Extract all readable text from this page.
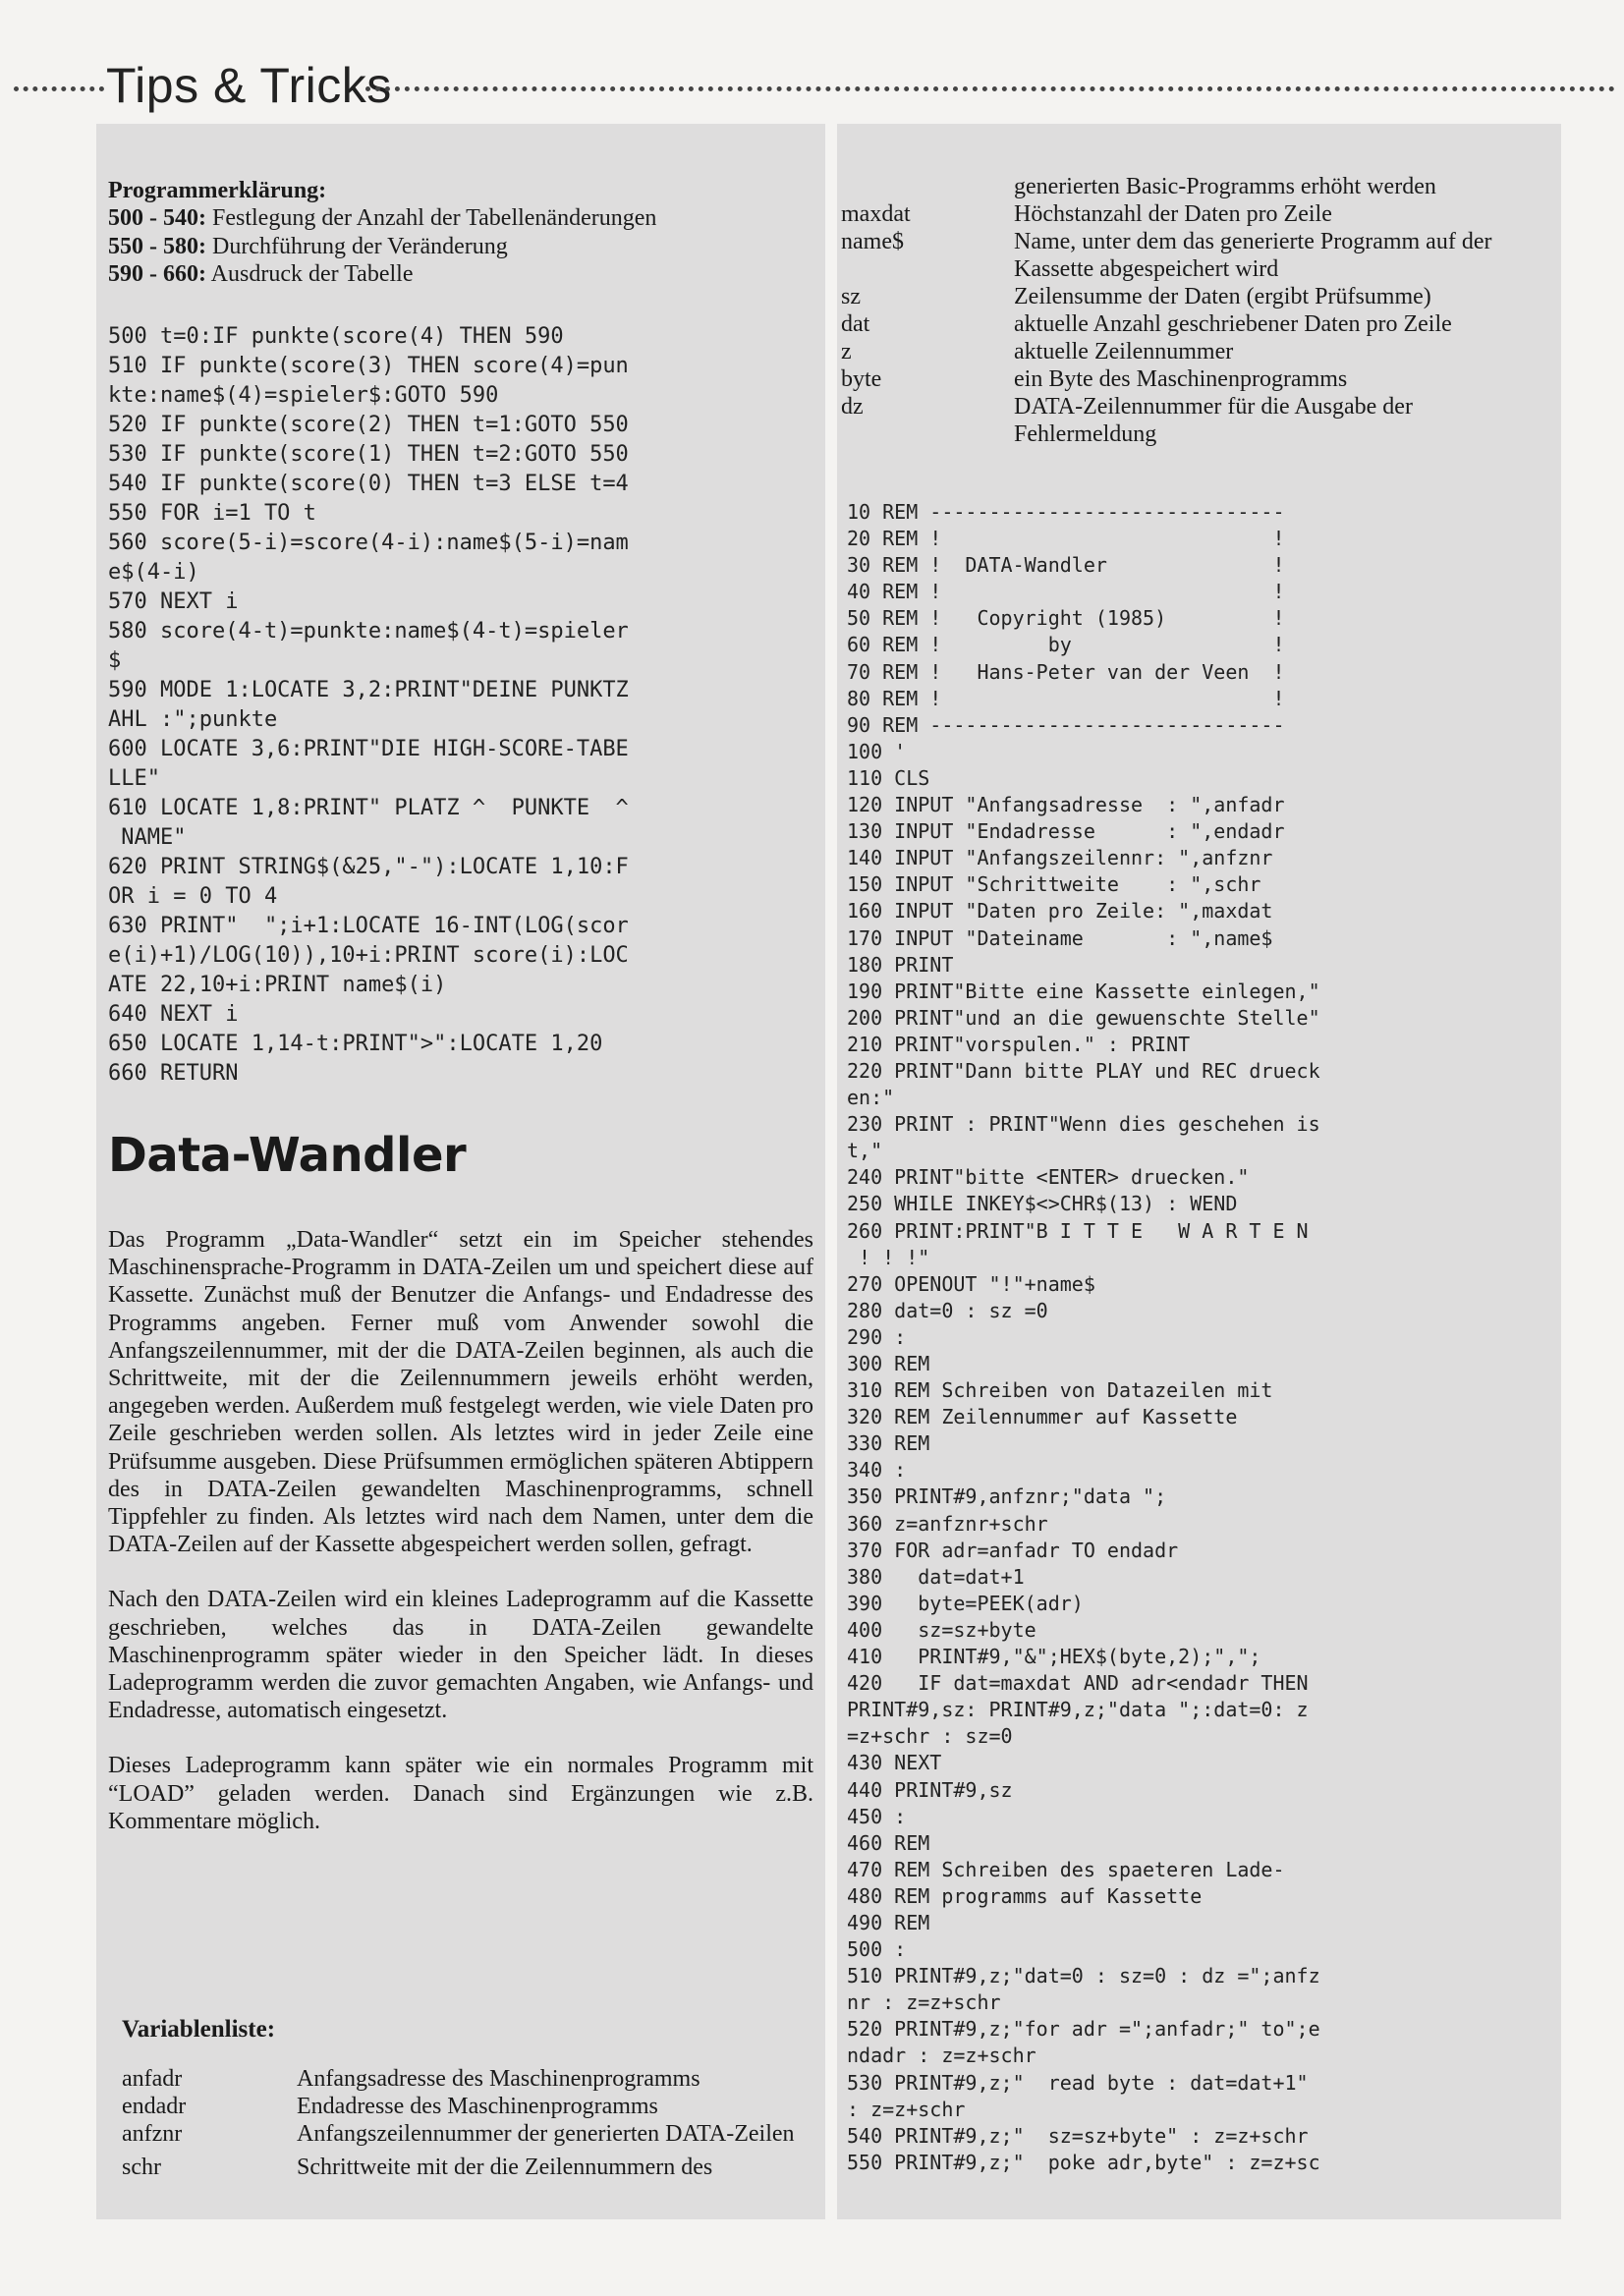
Tips & Tricks
Programmerklärung:
500 - 540: Festlegung der Anzahl der Tabellenänderungen
550 - 580: Durchführung der Veränderung
590 - 660: Ausdruck der Tabelle
500 t=0:IF punkte(score(4) THEN 590
510 IF punkte(score(3) THEN score(4)=pun
kte:name$(4)=spieler$:GOTO 590
520 IF punkte(score(2) THEN t=1:GOTO 550
530 IF punkte(score(1) THEN t=2:GOTO 550
540 IF punkte(score(0) THEN t=3 ELSE t=4
550 FOR i=1 TO t
560 score(5-i)=score(4-i):name$(5-i)=nam
e$(4-i)
570 NEXT i
580 score(4-t)=punkte:name$(4-t)=spieler
$
590 MODE 1:LOCATE 3,2:PRINT"DEINE PUNKTZ
AHL :";punkte
600 LOCATE 3,6:PRINT"DIE HIGH-SCORE-TABE
LLE"
610 LOCATE 1,8:PRINT" PLATZ ^  PUNKTE  ^
NAME"
620 PRINT STRING$(&25,"-"):LOCATE 1,10:F
OR i = 0 TO 4
630 PRINT"  ";i+1:LOCATE 16-INT(LOG(scor
e(i)+1)/LOG(10)),10+i:PRINT score(i):LOC
ATE 22,10+i:PRINT name$(i)
640 NEXT i
650 LOCATE 1,14-t:PRINT">":LOCATE 1,20
660 RETURN
Data-Wandler

Das Programm „Data-Wandler“ setzt ein im Speicher stehendes Maschinensprache-Programm in DATA-Zeilen um und speichert diese auf Kassette. Zunächst muß der Benutzer die Anfangs- und Endadresse des Programms angeben. Ferner muß vom Anwender sowohl die Anfangszeilennummer, mit der die DATA-Zeilen beginnen, als auch die Schrittweite, mit der die Zeilennummern jeweils erhöht werden, angegeben werden. Außerdem muß festgelegt werden, wie viele Daten pro Zeile geschrieben werden sollen. Als letztes wird in jeder Zeile eine Prüfsumme ausgeben. Diese Prüfsummen ermöglichen späteren Abtippern des in DATA-Zeilen gewandelten Maschinenprogramms, schnell Tippfehler zu finden. Als letztes wird nach dem Namen, unter dem die DATA-Zeilen auf der Kassette abgespeichert werden sollen, gefragt.

Nach den DATA-Zeilen wird ein kleines Ladeprogramm auf die Kassette geschrieben, welches das in DATA-Zeilen gewandelte Maschinenprogramm später wieder in den Speicher lädt. In dieses Ladeprogramm werden die zuvor gemachten Angaben, wie Anfangs- und Endadresse, automatisch eingesetzt.

Dieses Ladeprogramm kann später wie ein normales Programm mit “LOAD” geladen werden. Danach sind Ergänzungen wie z.B. Kommentare möglich.

Variablenliste:
anfadr	Anfangsadresse des Maschinenprogramms
endadr	Endadresse des Maschinenprogramms
anfznr	Anfangszeilennummer der generierten DATA-Zeilen
schr	Schrittweite mit der die Zeilennummern des
	generierten Basic-Programms erhöht werden
maxdat	Höchstanzahl der Daten pro Zeile
name$	Name, unter dem das generierte Programm auf der Kassette abgespeichert wird
sz	Zeilensumme der Daten (ergibt Prüfsumme)
dat	aktuelle Anzahl geschriebener Daten pro Zeile
z	aktuelle Zeilennummer
byte	ein Byte des Maschinenprogramms
dz	DATA-Zeilennummer für die Ausgabe der Fehlermeldung
10 REM ------------------------------
20 REM !                            !
30 REM !  DATA-Wandler              !
40 REM !                            !
50 REM !   Copyright (1985)         !
60 REM !         by                 !
70 REM !   Hans-Peter van der Veen  !
80 REM !                            !
90 REM ------------------------------
100 '
110 CLS
120 INPUT "Anfangsadresse  : ",anfadr
130 INPUT "Endadresse      : ",endadr
140 INPUT "Anfangszeilennr: ",anfznr
150 INPUT "Schrittweite    : ",schr
160 INPUT "Daten pro Zeile: ",maxdat
170 INPUT "Dateiname       : ",name$
180 PRINT
190 PRINT"Bitte eine Kassette einlegen,"
200 PRINT"und an die gewuenschte Stelle"
210 PRINT"vorspulen." : PRINT
220 PRINT"Dann bitte PLAY und REC drueck
en:"
230 PRINT : PRINT"Wenn dies geschehen is
t,"
240 PRINT"bitte <ENTER> druecken."
250 WHILE INKEY$<>CHR$(13) : WEND
260 PRINT:PRINT"B I T T E   W A R T E N
! ! !"
270 OPENOUT "!"+name$
280 dat=0 : sz =0
290 :
300 REM
310 REM Schreiben von Datazeilen mit
320 REM Zeilennummer auf Kassette
330 REM
340 :
350 PRINT#9,anfznr;"data ";
360 z=anfznr+schr
370 FOR adr=anfadr TO endadr
380   dat=dat+1
390   byte=PEEK(adr)
400   sz=sz+byte
410   PRINT#9,"&";HEX$(byte,2);",";
420   IF dat=maxdat AND adr<endadr THEN
PRINT#9,sz: PRINT#9,z;"data ";:dat=0: z
=z+schr : sz=0
430 NEXT
440 PRINT#9,sz
450 :
460 REM
470 REM Schreiben des spaeteren Lade-
480 REM programms auf Kassette
490 REM
500 :
510 PRINT#9,z;"dat=0 : sz=0 : dz =";anfz
nr : z=z+schr
520 PRINT#9,z;"for adr =";anfadr;" to";e
ndadr : z=z+schr
530 PRINT#9,z;"  read byte : dat=dat+1"
: z=z+schr
540 PRINT#9,z;"  sz=sz+byte" : z=z+schr
550 PRINT#9,z;"  poke adr,byte" : z=z+sc
